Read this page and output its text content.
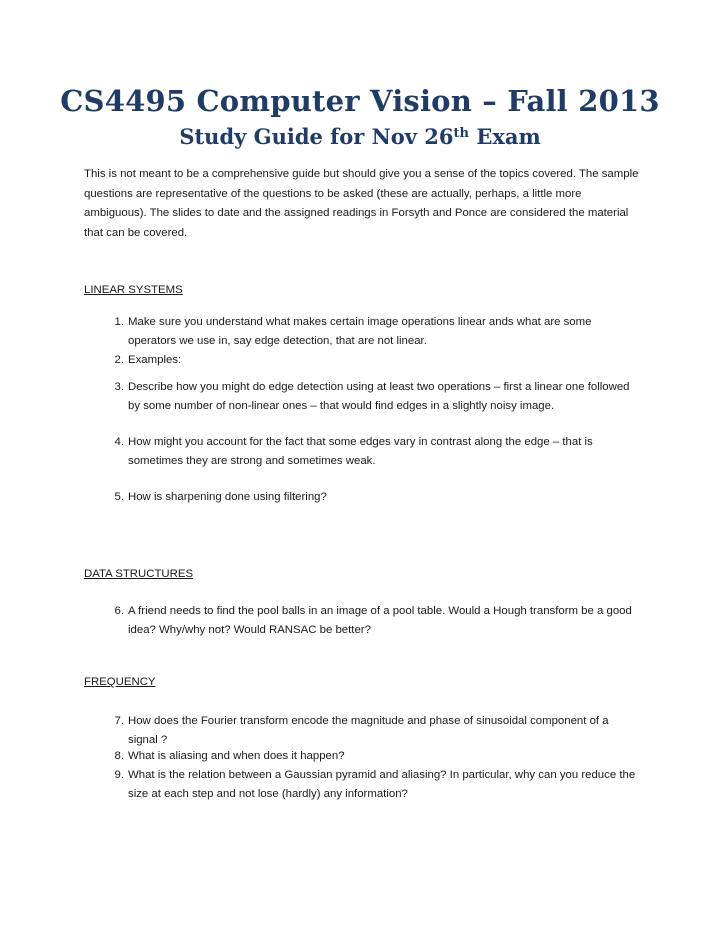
CS4495 Computer Vision – Fall 2013
Study Guide for Nov 26th Exam

This is not meant to be a comprehensive guide but should give you a sense of the topics covered. The sample questions are representative of the questions to be asked (these are actually, perhaps, a little more ambiguous). The slides to date and the assigned readings in Forsyth and Ponce are considered the material that can be covered.

LINEAR SYSTEMS

1. Make sure you understand what makes certain image operations linear ands what are some operators we use in, say edge detection, that are not linear.
2. Examples:
3. Describe how you might do edge detection using at least two operations – first a linear one followed by some number of non-linear ones – that would find edges in a slightly noisy image.
4. How might you account for the fact that some edges vary in contrast along the edge – that is sometimes they are strong and sometimes weak.
5. How is sharpening done using filtering?

DATA STRUCTURES

6. A friend needs to find the pool balls in an image of a pool table. Would a Hough transform be a good idea? Why/why not? Would RANSAC be better?

FREQUENCY

7. How does the Fourier transform encode the magnitude and phase of sinusoidal component of a signal ?
8. What is aliasing and when does it happen?
9. What is the relation between a Gaussian pyramid and aliasing? In particular, why can you reduce the size at each step and not lose (hardly) any information?
